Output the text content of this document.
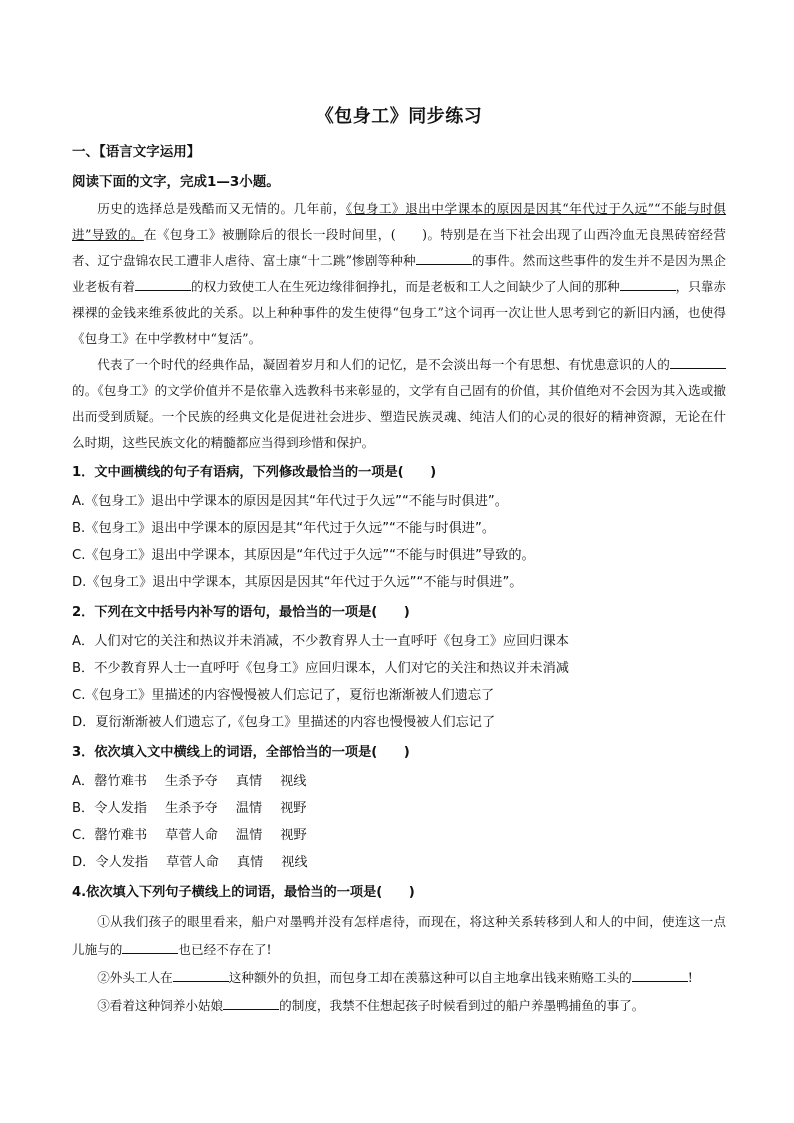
《包身工》同步练习
一、【语言文字运用】
阅读下面的文字，完成1—3小题。

历史的选择总是残酷而又无情的。几年前，《包身工》退出中学课本的原因是因其“年代过于久远”“不能与时俱进”导致的。在《包身工》被删除后的很长一段时间里，(　　)。特别是在当下社会出现了山西冷血无良黑砖窑经营者、辽宁盘锦农民工遭非人虐待、富士康“十二跳”惨剧等种种	的事件。然而这些事件的发生并不是因为黑企业老板有着	的权力致使工人在生死边缘徘徊挣扎，而是老板和工人之间缺少了人间的那种	，只靠赤裸裸的金钱来维系彼此的关系。以上种种事件的发生使得“包身工”这个词再一次让世人思考到它的新旧内涵，也使得《包身工》在中学教材中“复活”。

代表了一个时代的经典作品，凝固着岁月和人们的记忆，是不会淡出每一个有思想、有忧患意识的人的的。《包身工》的文学价值并不是依靠入选教科书来彰显的，文学有自己固有的价值，其价值绝对不会因为其入选或撤出而受到质疑。一个民族的经典文化是促进社会进步、塑造民族灵魂、纯洁人们的心灵的很好的精神资源，无论在什么时期，这些民族文化的精髓都应当得到珍惜和保护。

1．文中画横线的句子有语病，下列修改最恰当的一项是(　　)
A.《包身工》退出中学课本的原因是因其“年代过于久远”“不能与时俱进”。
B.《包身工》退出中学课本的原因是其“年代过于久远”“不能与时俱进”。
C.《包身工》退出中学课本，其原因是“年代过于久远”“不能与时俱进”导致的。
D.《包身工》退出中学课本，其原因是因其“年代过于久远”“不能与时俱进”。
2．下列在文中括号内补写的语句，最恰当的一项是(　　)
A．人们对它的关注和热议并未消减，不少教育界人士一直呼吁《包身工》应回归课本
B．不少教育界人士一直呼吁《包身工》应回归课本，人们对它的关注和热议并未消减
C.《包身工》里描述的内容慢慢被人们忘记了，夏衍也渐渐被人们遗忘了
D．夏衍渐渐被人们遗忘了,《包身工》里描述的内容也慢慢被人们忘记了
3．依次填入文中横线上的词语，全部恰当的一项是(　　)
A．罄竹难书 生杀予夺 真情 视线
B．令人发指 生杀予夺 温情 视野
C．罄竹难书 草菅人命 温情 视野
D．令人发指 草菅人命 真情 视线
4.依次填入下列句子横线上的词语，最恰当的一项是(　　)

①从我们孩子的眼里看来，船户对墨鸭并没有怎样虐待，而现在，将这种关系转移到人和人的中间，使连这一点儿施与的	也已经不存在了!

②外头工人在	这种额外的负担，而包身工却在羡慕这种可以自主地拿出钱来贿赂工头的	!

③看着这种饲养小姑娘	的制度，我禁不住想起孩子时候看到过的船户养墨鸭捕鱼的事了。
